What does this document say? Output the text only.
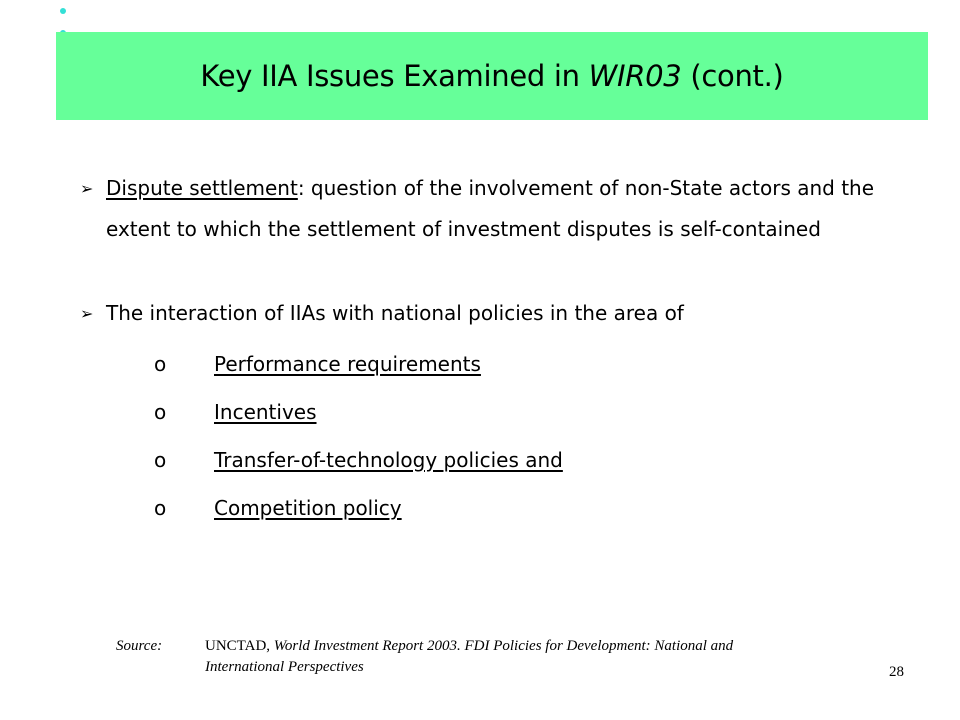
Key IIA Issues Examined in
WIR03
(cont.)
➢ Dispute settlement: question of the involvement of non-State actors and the extent to which the settlement of investment disputes is self-contained
➢ The interaction of IIAs with national policies in the area of
o	Performance requirements
o	Incentives
o	Transfer-of-technology policies and
o	Competition policy
Source:	UNCTAD, World Investment Report 2003. FDI Policies for Development: National and International Perspectives	28
